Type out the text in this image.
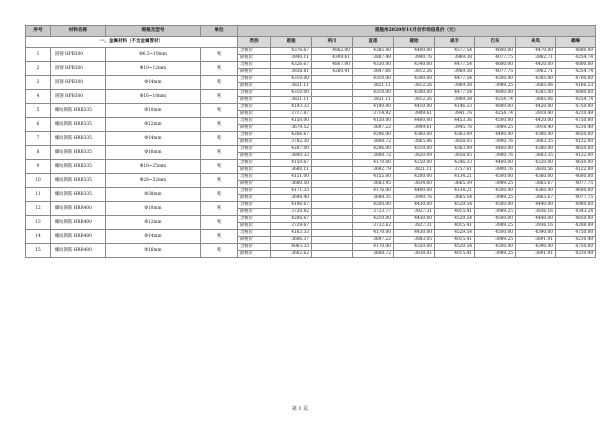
序号	材料名称	规格及型号	单位	恩施州2020年11月份市场信息价（元）								
一、金属材料（不含金属管材）				类别	恩施	利川	宣恩	建始	咸丰	巴东	来凤	鹤峰
1	圆钢 HPB300	Φ6.5~10mm	吨	含税价	4376.67	4862.00	4385.00	4400.00	4577.54	4600.00	4470.00	4800.00
				除税价	3890.11	4309.61	3887.48	3900.76	3969.38	4077.75	3962.71	4254.74
2	圆钢 HPB300	Φ10~12mm	吨	含税价	4326.67	4807.00	4330.00	4340.00	4477.54	4600.00	4420.00	4800.00
				除税价	3838.81	4260.91	3847.66	3812.26	3969.38	4077.75	3962.71	4254.74
3	圆钢 HPB300	Φ14mm	吨	含税价	4310.00		4310.00	4300.00	4477.54	4500.00	4385.00	4700.00
				除税价	3821.11		3821.11	3812.26	3969.38	3989.25	3885.06	4166.23
4	圆钢 HPB300	Φ16~18mm	吨	含税价	4310.00		4310.00	4300.00	4477.54	4800.00	4385.00	4800.00
				除税价	3821.11		3821.11	3812.26	3969.38	4254.74	3885.06	4254.74
5	螺纹钢筋 HRB335	Φ10mm	吨	含税价	4193.33		4190.00	4410.00	4146.33	4800.00	4420.00	4750.00
				除税价	3717.87		3714.92	3909.61	3941.76	4254.74	3918.40	4210.49
6	螺纹钢筋 HRB335	Φ12mm	吨	含税价	4150.00		4150.00	4400.00	4453.36	4500.00	4420.00	4750.00
				除税价	3679.52		3697.22	3909.61	3945.76	3989.25	3918.40	4210.49
7	螺纹钢筋 HRB335	Φ14mm	吨	含税价	4266.67		4296.00	4360.00	4363.09	4400.00	4380.00	4650.00
				除税价	3782.30		3808.72	3865.06	3858.05	3900.76	3883.35	4122.00
8	螺纹钢筋 HRB335	Φ16mm	吨	含税价	4287.00		4296.00	4310.00	4363.09	4400.00	4380.00	4650.00
				除税价	3800.33		3808.72	3820.09	3858.05	3900.76	3883.35	4122.00
9	螺纹钢筋 HRB335	Φ18~25mm	吨	含税价	4150.67		4170.00	4250.00	4246.33	4400.00	4320.00	4650.00
				除税价	3680.11		3692.79	3821.11	3757.61	3900.76	3830.56	4122.00
10	螺纹钢筋 HRB335	Φ28~32mm	吨	含税价	4151.00		4155.00	4200.00	4134.21	4500.00	4360.00	4600.00
				除税价	3680.50		3683.95	3834.60	3665.39	3989.25	3865.67	4077.75
11	螺纹钢筋 HRB335	Φ38mm	吨	含税价	4171.33		4176.00	4400.00	4134.21	4500.00	4360.00	4600.00
				除税价	3698.40		3698.35	3900.76	3665.54	3989.25	3865.67	4077.75
12	螺纹钢筋 HRB400	Φ10mm	吨	含税价	4196.67		4200.00	4430.00	4529.54	4500.00	4440.00	4900.00
				除税价	3720.82		3723.77	3927.31	4015.41	3989.25	3936.16	4343.24
13	螺纹钢筋 HRB400	Φ12mm	吨	含税价	4206.67		4210.00	4430.00	4529.54	4500.00	4440.00	4850.00
				除税价	3729.67		3732.62	3927.31	4015.41	3989.25	3936.16	4298.99
14	螺纹钢筋 HRB400	Φ14mm	吨	含税价	4163.33		4170.00	4430.00	4529.54	4500.00	4390.00	4750.00
				除税价	3686.37		3697.22	3883.05	4015.41	3989.25	3891.91	4210.49
15	螺纹钢筋 HRB400	Φ16mm	吨	含税价	4063.33		4170.00	4350.00	4529.54	4500.00	4390.00	4750.00
				除税价	3602.62		3608.72	3838.81	4015.41	3989.25	3891.91	4210.49
第 1 页
